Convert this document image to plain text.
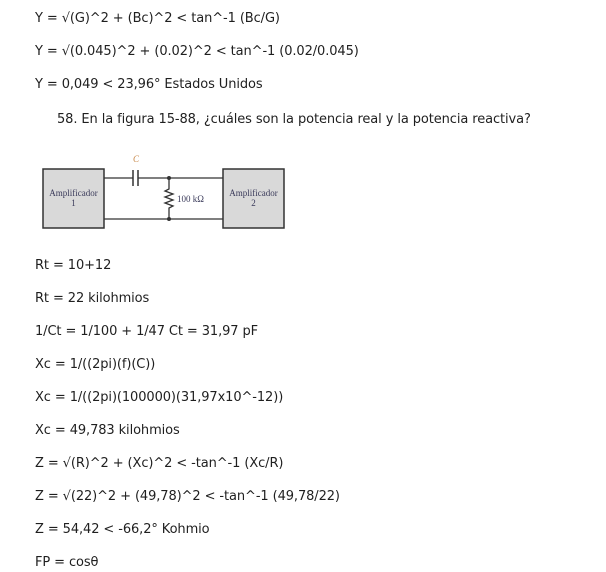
Y = √(G)^2 + (Bc)^2 < tan^-1 (Bc/G)
Y = √(0.045)^2 + (0.02)^2 < tan^-1 (0.02/0.045)
Y = 0,049 < 23,96° Estados Unidos
58. En la figura 15-88, ¿cuáles son la potencia real y la potencia reactiva?
Amplificador
1
C
100 kΩ
Amplificador
2
Rt = 10+12
Rt = 22 kilohmios
1/Ct = 1/100 + 1/47 Ct = 31,97 pF
Xc = 1/((2pi)(f)(C))
Xc = 1/((2pi)(100000)(31,97x10^-12))
Xc = 49,783 kilohmios
Z = √(R)^2 + (Xc)^2 < -tan^-1 (Xc/R)
Z = √(22)^2 + (49,78)^2 < -tan^-1 (49,78/22)
Z = 54,42 < -66,2° Kohmio
FP = cosθ
